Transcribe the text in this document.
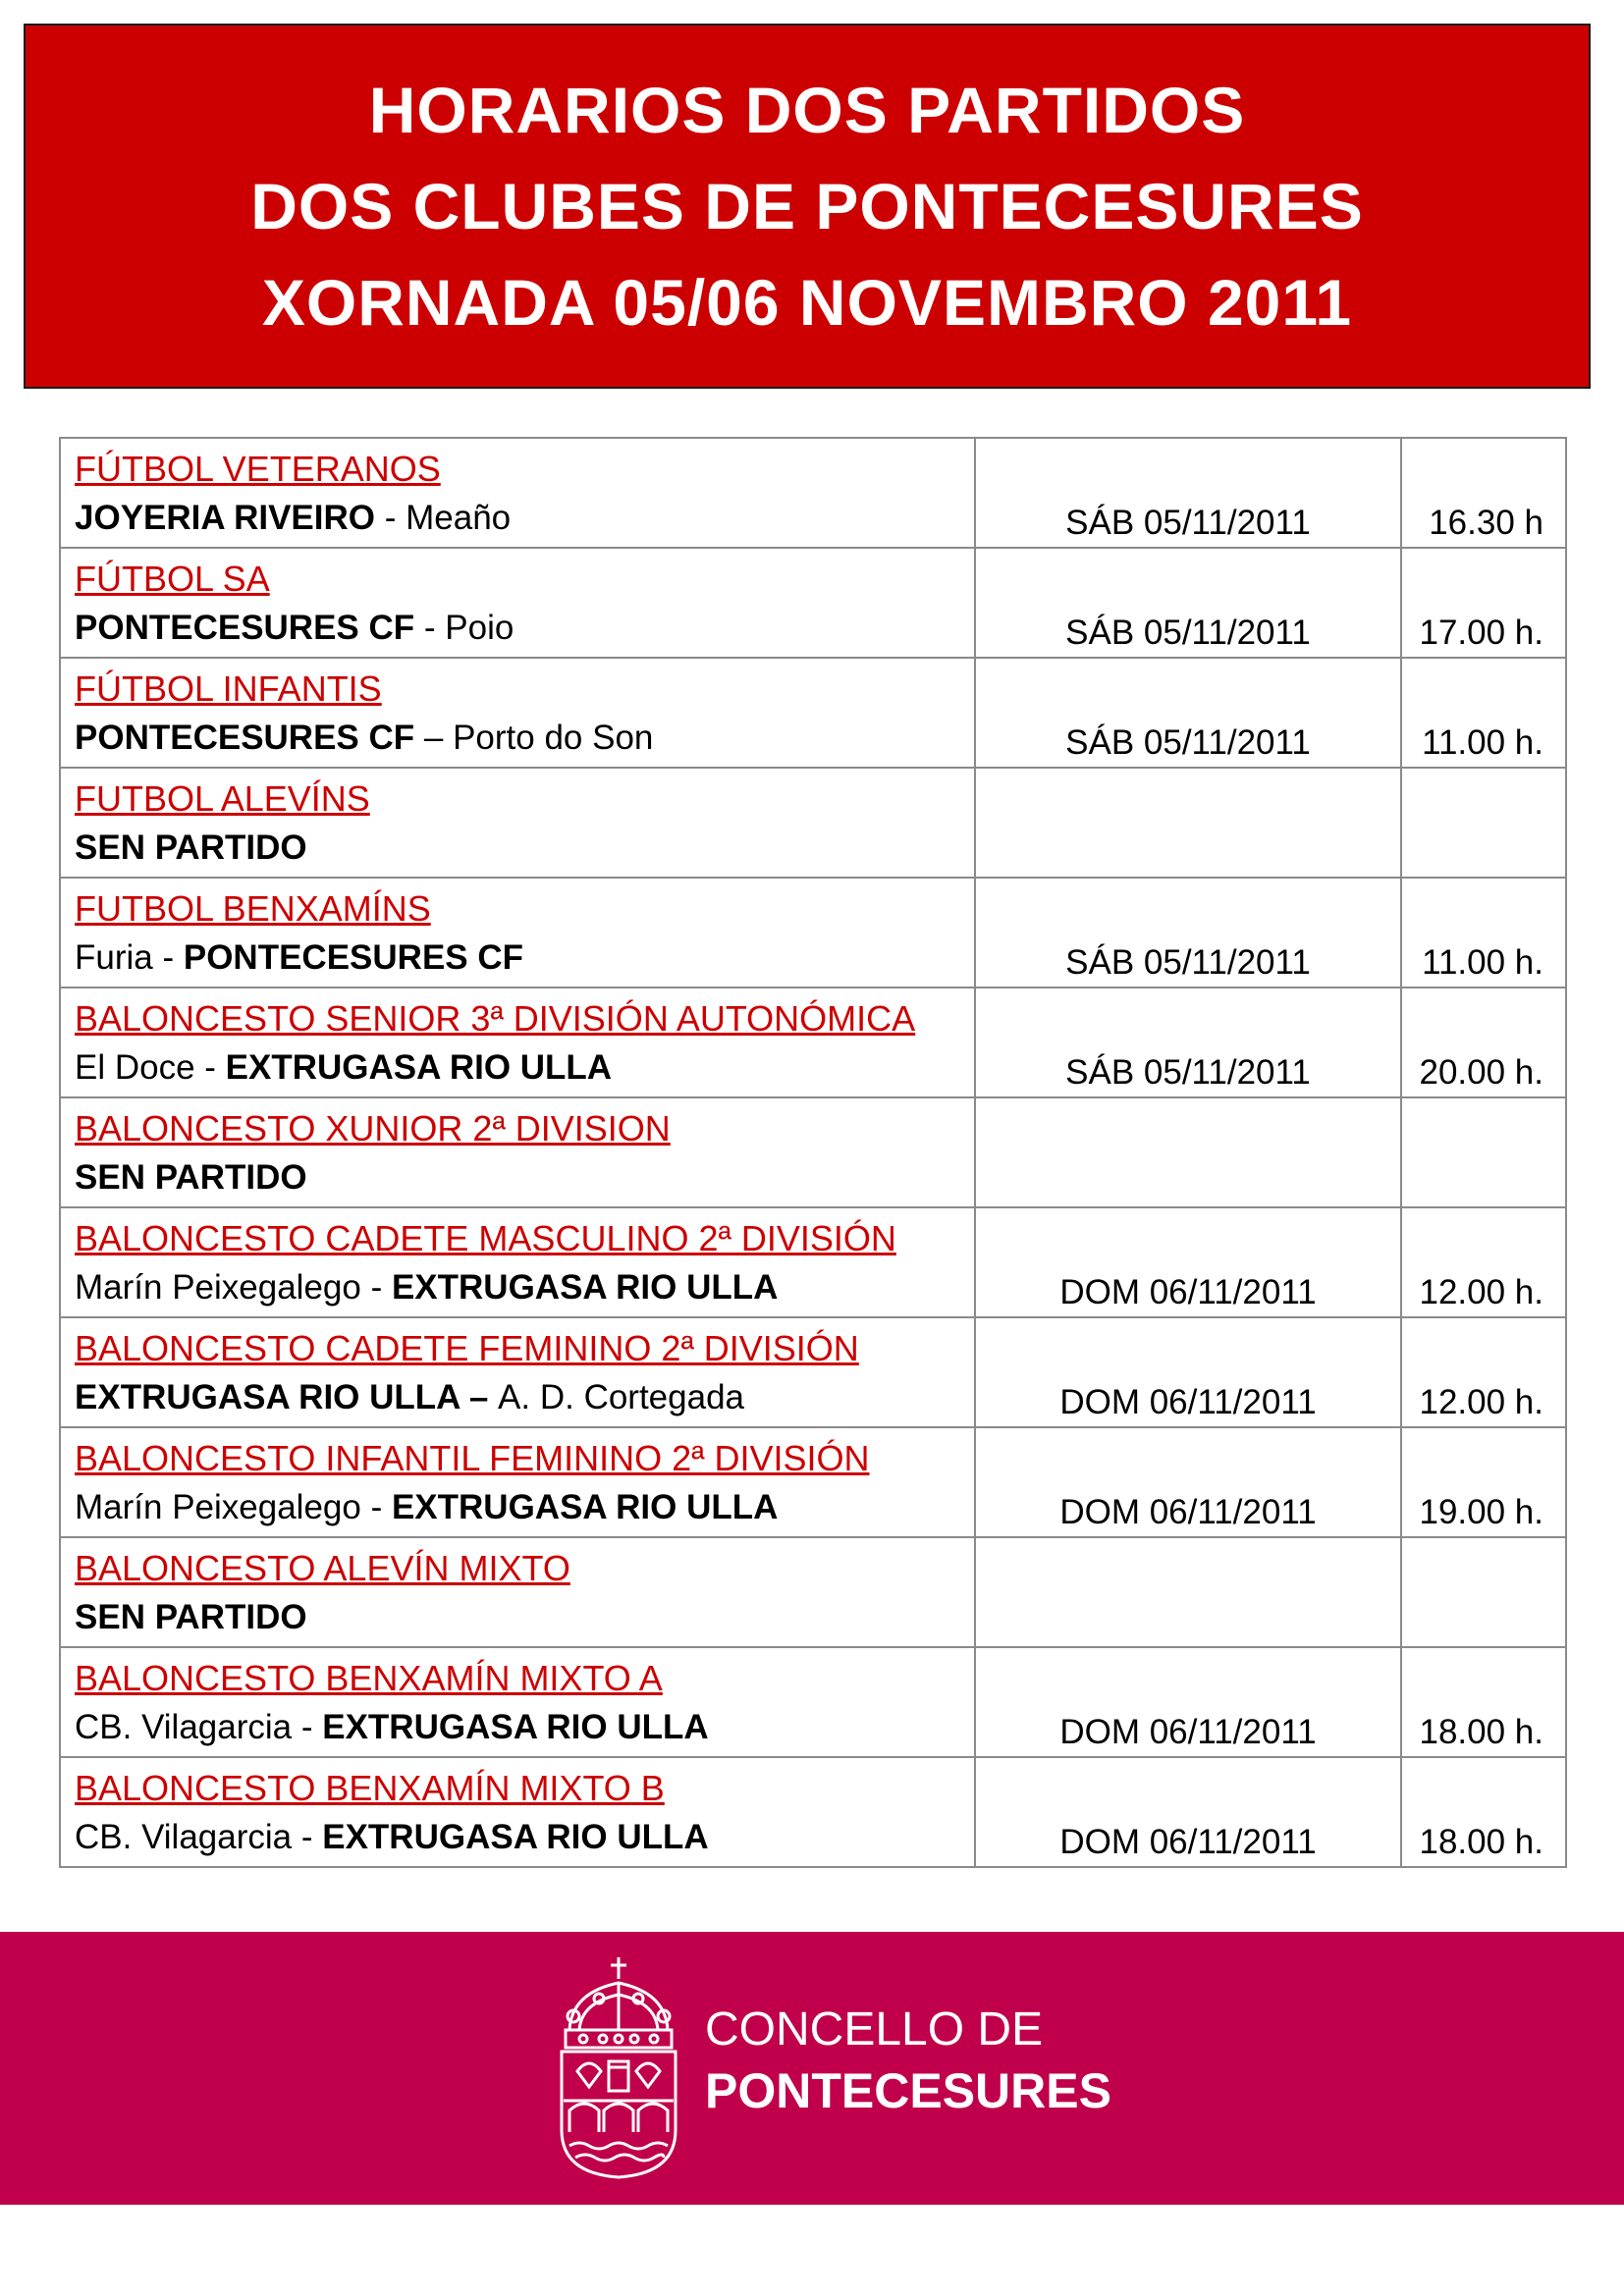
HORARIOS DOS PARTIDOS
DOS CLUBES DE PONTECESURES
XORNADA 05/06 NOVEMBRO 2011
FÚTBOL VETERANOS
JOYERIA RIVEIRO - Meaño	SÁB 05/11/2011	16.30 h

FÚTBOL SA
PONTECESURES CF - Poio	SÁB 05/11/2011	17.00 h.

FÚTBOL INFANTIS
PONTECESURES CF – Porto do Son	SÁB 05/11/2011	11.00 h.

FUTBOL ALEVÍNS
SEN PARTIDO		

FUTBOL BENXAMÍNS
Furia - PONTECESURES CF	SÁB 05/11/2011	11.00 h.

BALONCESTO SENIOR 3ª DIVISIÓN AUTONÓMICA
El Doce - EXTRUGASA RIO ULLA	SÁB 05/11/2011	20.00 h.

BALONCESTO XUNIOR 2ª DIVISION
SEN PARTIDO		

BALONCESTO CADETE MASCULINO 2ª DIVISIÓN
Marín Peixegalego - EXTRUGASA RIO ULLA	DOM 06/11/2011	12.00 h.

BALONCESTO CADETE FEMININO 2ª DIVISIÓN
EXTRUGASA RIO ULLA – A. D. Cortegada	DOM 06/11/2011	12.00 h.

BALONCESTO INFANTIL FEMININO 2ª DIVISIÓN
Marín Peixegalego - EXTRUGASA RIO ULLA	DOM 06/11/2011	19.00 h.

BALONCESTO ALEVÍN MIXTO
SEN PARTIDO		

BALONCESTO BENXAMÍN MIXTO A
CB. Vilagarcia - EXTRUGASA RIO ULLA	DOM 06/11/2011	18.00 h.

BALONCESTO BENXAMÍN MIXTO B
CB. Vilagarcia - EXTRUGASA RIO ULLA	DOM 06/11/2011	18.00 h.
CONCELLO DE
PONTECESURES
